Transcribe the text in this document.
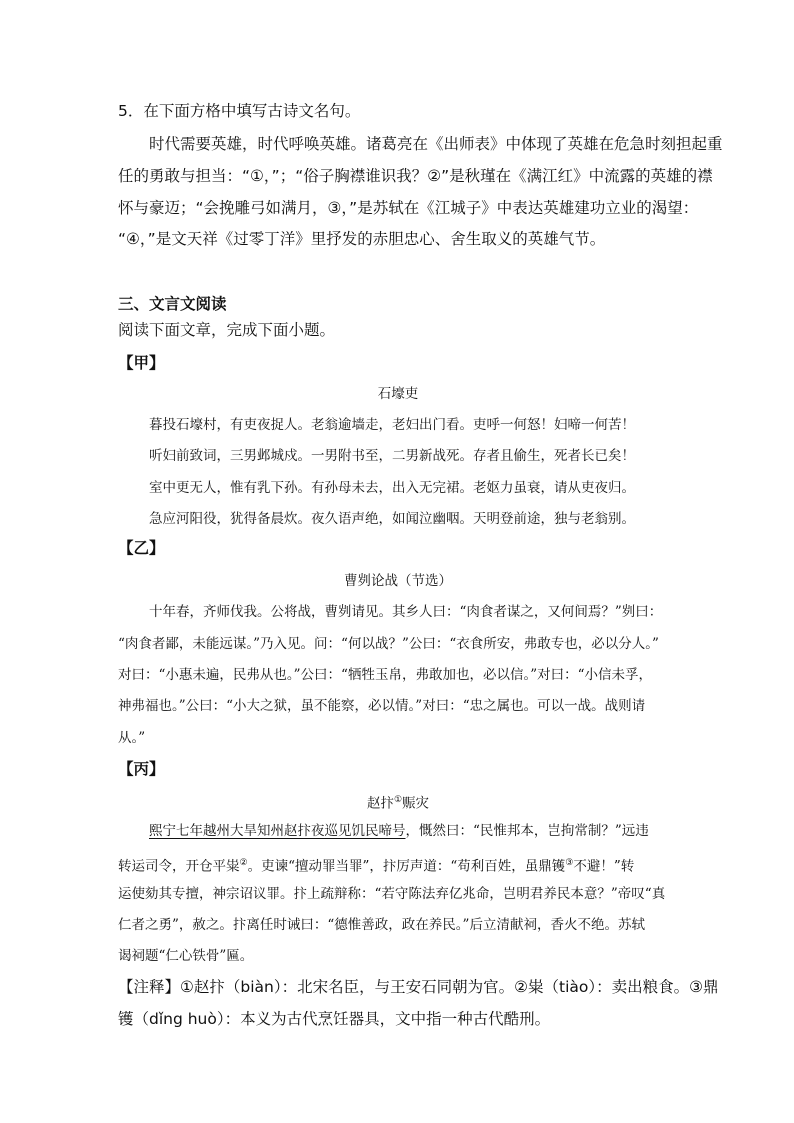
5．在下面方格中填写古诗文名句。
时代需要英雄，时代呼唤英雄。诸葛亮在《出师表》中体现了英雄在危急时刻担起重
任的勇敢与担当：“①，”；“俗子胸襟谁识我？②”是秋瑾在《满江红》中流露的英雄的襟
怀与豪迈；“会挽雕弓如满月，③，”是苏轼在《江城子》中表达英雄建功立业的渴望：
“④，”是文天祥《过零丁洋》里抒发的赤胆忠心、舍生取义的英雄气节。
三、文言文阅读
阅读下面文章，完成下面小题。
【甲】
石壕吏
暮投石壕村，有吏夜捉人。老翁逾墙走，老妇出门看。吏呼一何怒！妇啼一何苦！
听妇前致词，三男邺城戍。一男附书至，二男新战死。存者且偷生，死者长已矣！
室中更无人，惟有乳下孙。有孙母未去，出入无完裙。老妪力虽衰，请从吏夜归。
急应河阳役，犹得备晨炊。夜久语声绝，如闻泣幽咽。天明登前途，独与老翁别。
【乙】
曹刿论战（节选）
十年春，齐师伐我。公将战，曹刿请见。其乡人曰：“肉食者谋之，又何间焉？”刿曰：
“肉食者鄙，未能远谋。”乃入见。问：“何以战？”公曰：“衣食所安，弗敢专也，必以分人。”
对曰：“小惠未遍，民弗从也。”公曰：“牺牲玉帛，弗敢加也，必以信。”对曰：“小信未孚，
神弗福也。”公曰：“小大之狱，虽不能察，必以情。”对曰：“忠之属也。可以一战。战则请
从。”
【丙】
赵抃①赈灾
熙宁七年越州大旱知州赵抃夜巡见饥民啼号，慨然曰：“民惟邦本，岂拘常制？”远违
转运司令，开仓平粜②。吏谏“擅动罪当罪”，抃厉声道：“苟利百姓，虽鼎镬③不避！”转
运使劾其专擅，神宗诏议罪。抃上疏辩称：“若守陈法弃亿兆命，岂明君养民本意？”帝叹“真
仁者之勇”，赦之。抃离任时诫曰：“德惟善政，政在养民。”后立清献祠，香火不绝。苏轼
谒祠题“仁心铁骨”匾。
【注释】①赵抃（biàn）：北宋名臣，与王安石同朝为官。②粜（tiào）：卖出粮食。③鼎
镬（dǐng huò）：本义为古代烹饪器具，文中指一种古代酷刑。
